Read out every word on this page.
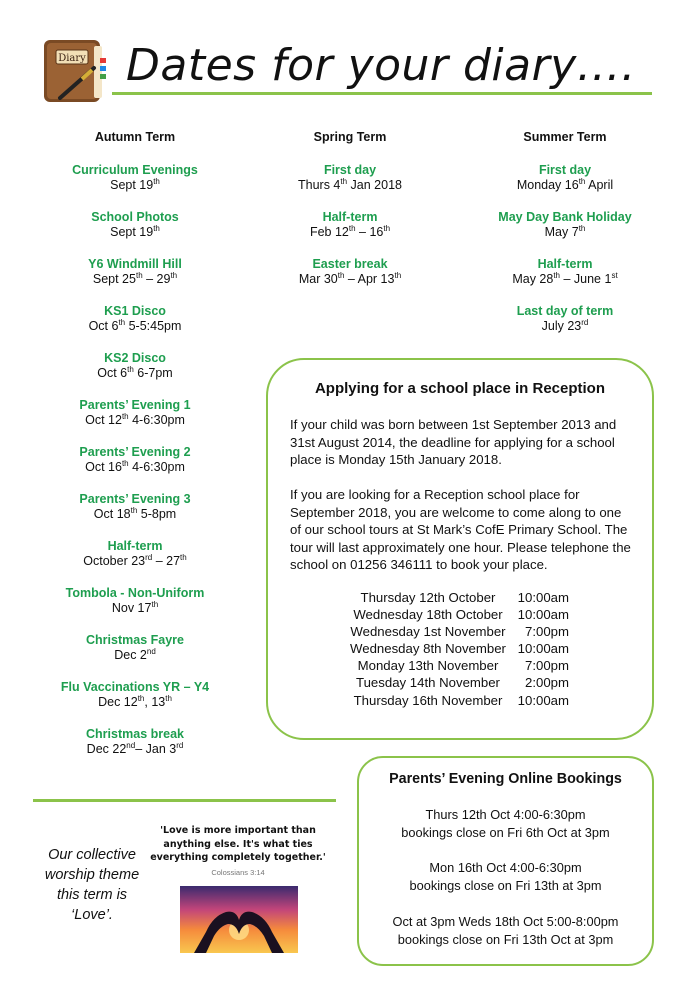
Diary Dates for your diary….
Autumn Term
Curriculum Evenings
Sept 19th
School Photos
Sept 19th
Y6 Windmill Hill
Sept 25th – 29th
KS1 Disco
Oct 6th 5-5:45pm
KS2 Disco
Oct 6th 6-7pm
Parents’ Evening 1
Oct 12th 4-6:30pm
Parents’ Evening 2
Oct 16th 4-6:30pm
Parents’ Evening 3
Oct 18th 5-8pm
Half-term
October 23rd – 27th
Tombola - Non-Uniform
Nov 17th
Christmas Fayre
Dec 2nd
Flu Vaccinations YR – Y4
Dec 12th, 13th
Christmas break
Dec 22nd– Jan 3rd
Spring Term
First day
Thurs 4th Jan 2018
Half-term
Feb 12th – 16th
Easter break
Mar 30th – Apr 13th
Summer Term
First day
Monday 16th April
May Day Bank Holiday
May 7th
Half-term
May 28th – June 1st
Last day of term
July 23rd
Applying for a school place in Reception
If your child was born between 1st September 2013 and 31st August 2014, the deadline for applying for a school place is Monday 15th January 2018.
If you are looking for a Reception school place for September 2018, you are welcome to come along to one of our school tours at St Mark’s CofE Primary School. The tour will last approximately one hour. Please telephone the school on 01256 346111 to book your place.
Thursday 12th October	10:00am
Wednesday 18th October	10:00am
Wednesday 1st November	7:00pm
Wednesday 8th November	10:00am
Monday 13th November	7:00pm
Tuesday 14th November	2:00pm
Thursday 16th November	10:00am
Our collective worship theme this term is ‘Love’.
'Love is more important than anything else. It's what ties everything completely together.'
Colossians 3:14
Parents’ Evening Online Bookings
Thurs 12th Oct 4:00-6:30pm
bookings close on Fri 6th Oct at 3pm
Mon 16th Oct 4:00-6:30pm
bookings close on Fri 13th at 3pm
Oct at 3pm Weds 18th Oct 5:00-8:00pm
bookings close on Fri 13th Oct at 3pm
